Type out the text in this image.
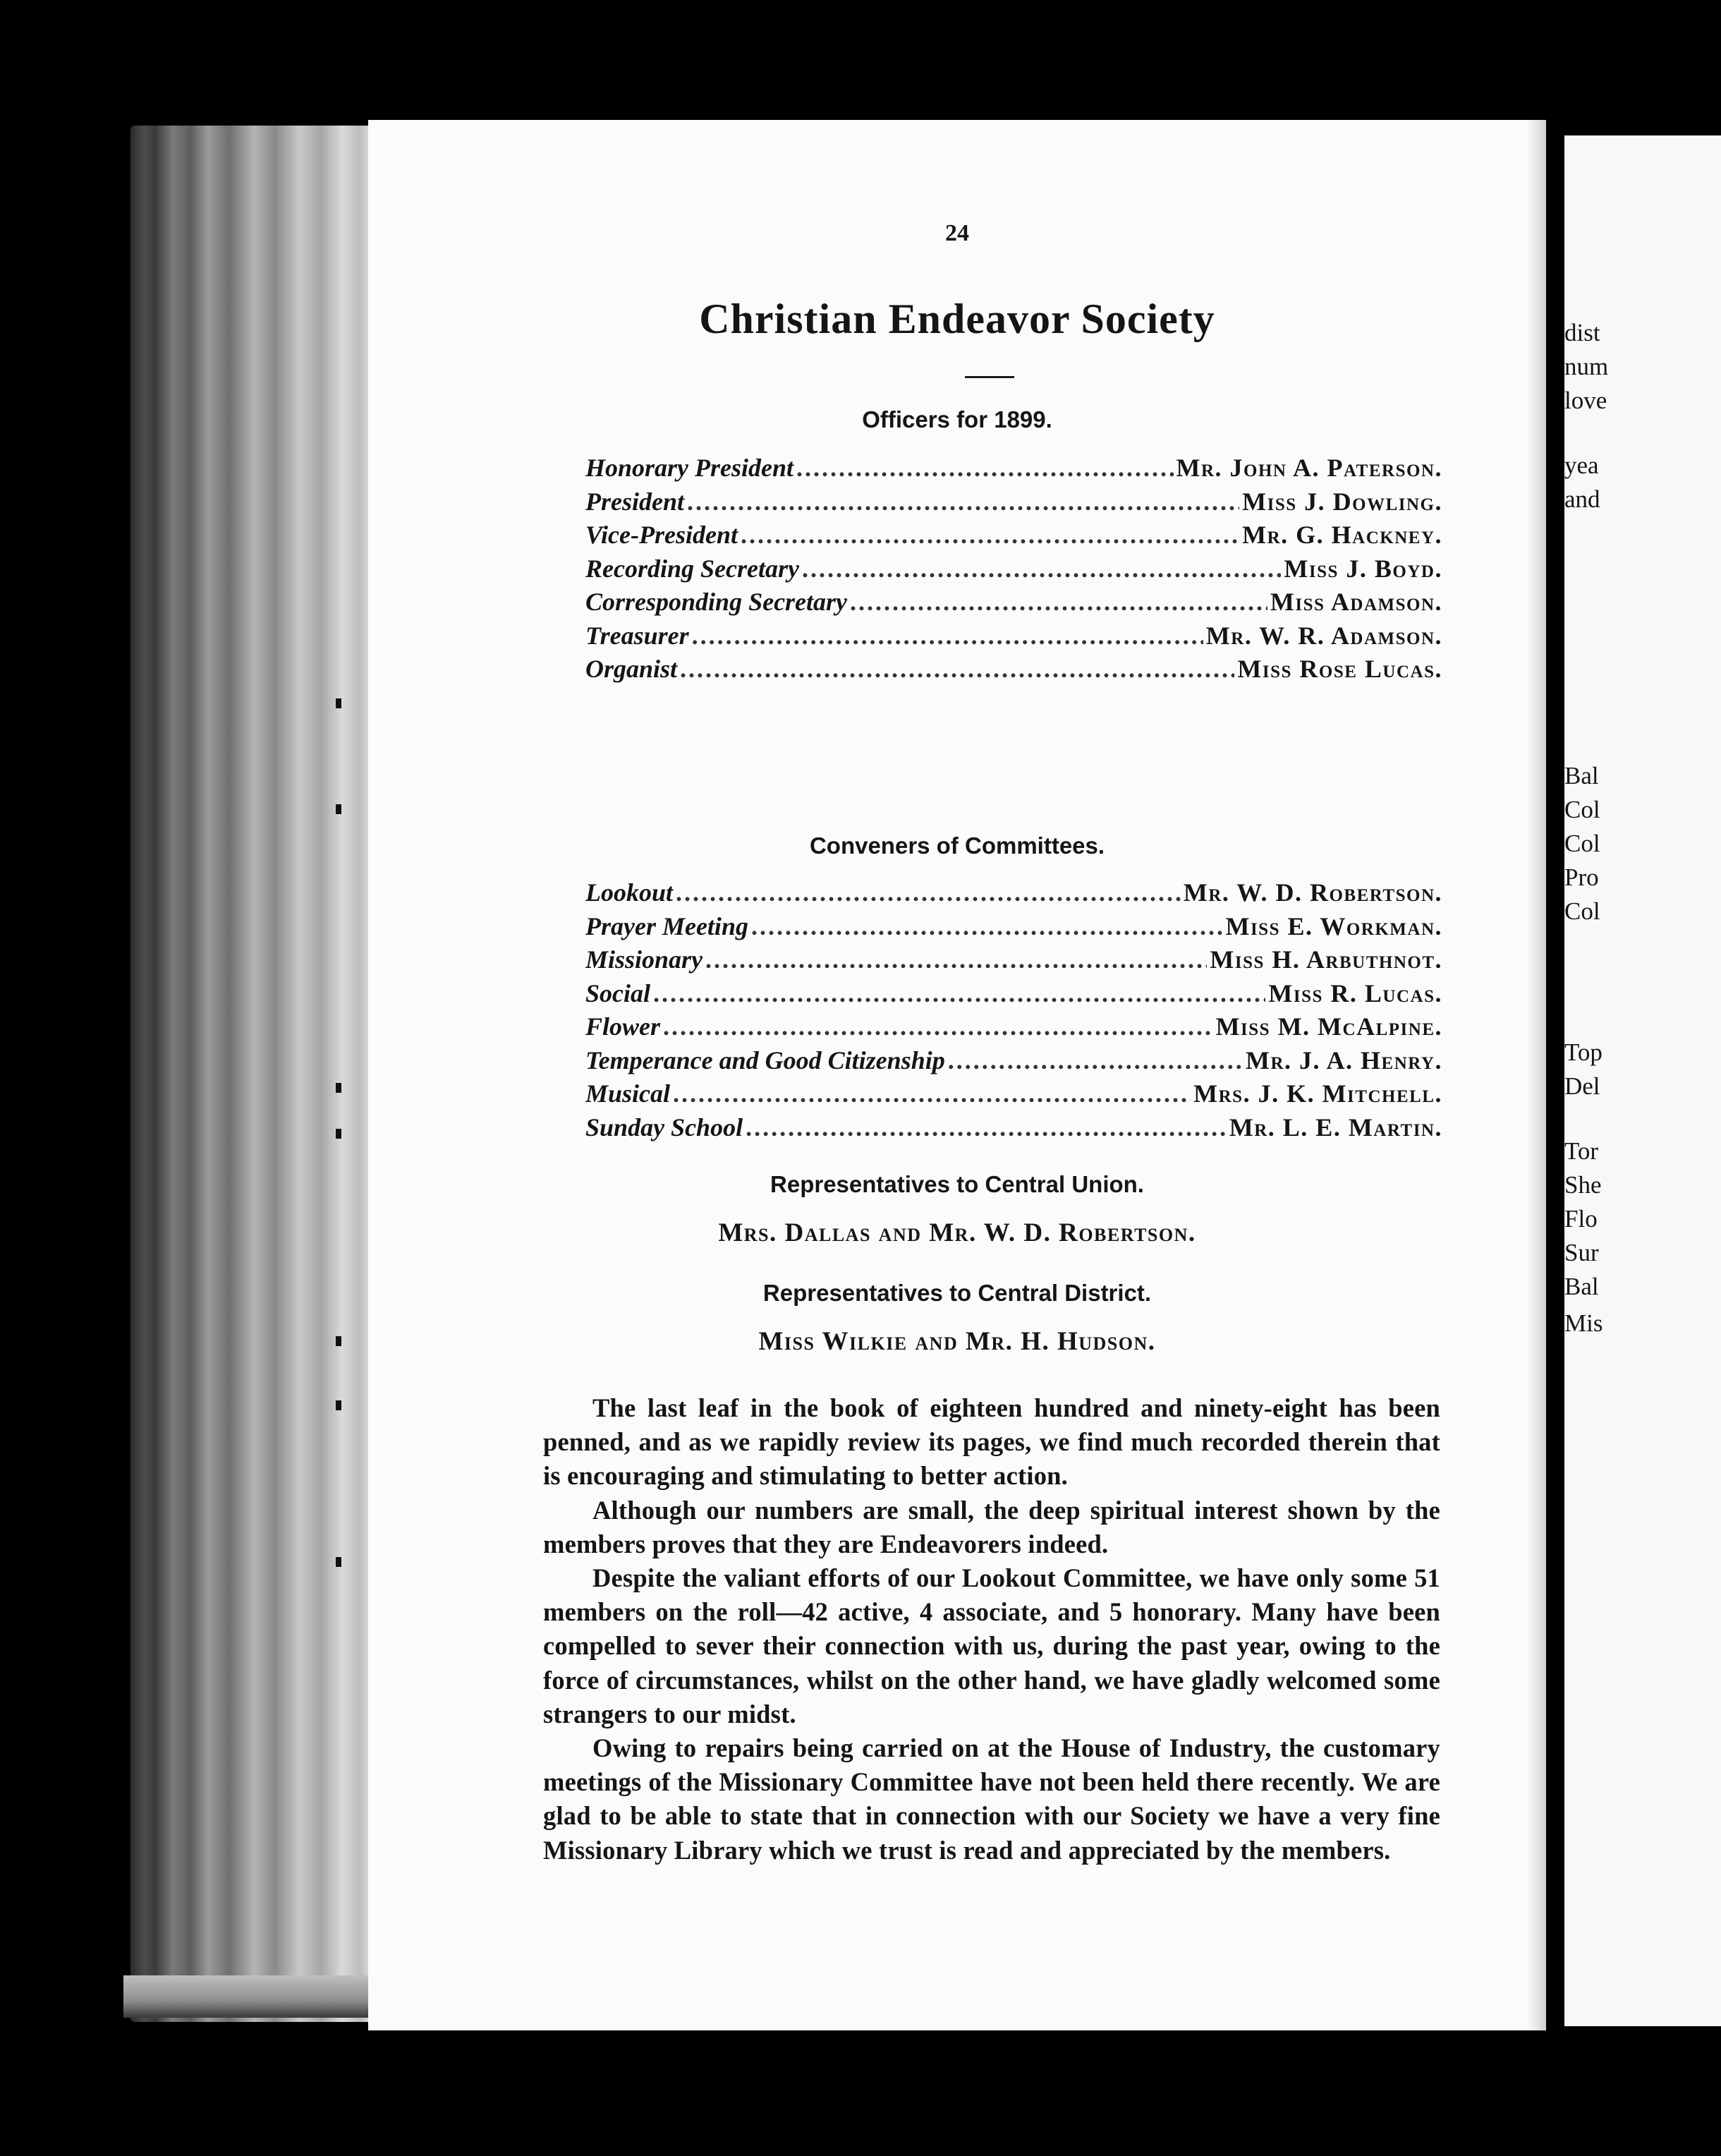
dist
num
love
yea
and
Bal
Col
Col
Pro
Col
Top
Del
Tor
She
Flo
Sur
Bal
Mis
24
Christian Endeavor Society
Officers for 1899.
Honorary President .....	Mr. John A. Paterson.
President .....	Miss J. Dowling.
Vice-President .....	Mr. G. Hackney.
Recording Secretary .....	Miss J. Boyd.
Corresponding Secretary .....	Miss Adamson.
Treasurer .....	Mr. W. R. Adamson.
Organist .....	Miss Rose Lucas.
Conveners of Committees.
Lookout .....	Mr. W. D. Robertson.
Prayer Meeting .....	Miss E. Workman.
Missionary .....	Miss H. Arbuthnot.
Social .....	Miss R. Lucas.
Flower .....	Miss M. McAlpine.
Temperance and Good Citizenship .....	Mr. J. A. Henry.
Musical .....	Mrs. J. K. Mitchell.
Sunday School .....	Mr. L. E. Martin.
Representatives to Central Union.
Mrs. Dallas and Mr. W. D. Robertson.
Representatives to Central District.
Miss Wilkie and Mr. H. Hudson.

The last leaf in the book of eighteen hundred and ninety-eight has been penned, and as we rapidly review its pages, we find much recorded therein that is encouraging and stimulating to better action.

Although our numbers are small, the deep spiritual interest shown by the members proves that they are Endeavorers indeed.

Despite the valiant efforts of our Lookout Committee, we have only some 51 members on the roll—42 active, 4 associate, and 5 honorary. Many have been compelled to sever their connection with us, during the past year, owing to the force of circumstances, whilst on the other hand, we have gladly welcomed some strangers to our midst.

Owing to repairs being carried on at the House of Industry, the customary meetings of the Missionary Committee have not been held there recently. We are glad to be able to state that in connection with our Society we have a very fine Missionary Library which we trust is read and appreciated by the members.
